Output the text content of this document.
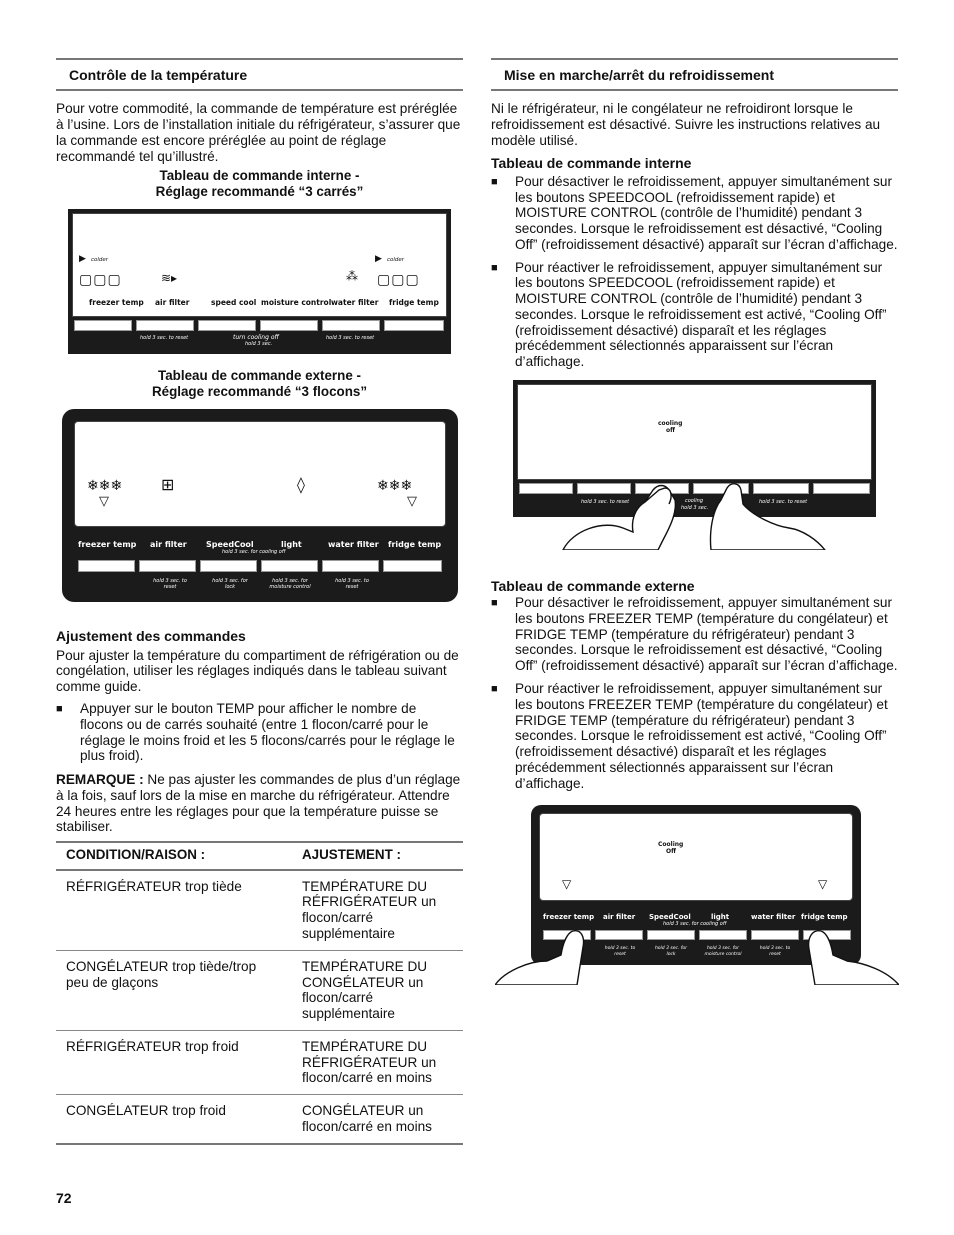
Contrôle de la température

Pour votre commodité, la commande de température est préréglée à l’usine. Lors de l’installation initiale du réfrigérateur, s’assurer que la commande est encore préréglée au point de réglage recommandé tel qu’illustré.

Tableau de commande interne -
Réglage recommandé “3 carrés”
▶ colder	▶ colder
▢▢▢	≋▸	⁂ ▢▢▢
freezer temp air filter	speed cool moisture control water filter fridge temp
hold 3 sec. to reset	turn cooling off
hold 3 sec.
hold 3 sec. to reset
Tableau de commande externe -
Réglage recommandé “3 flocons”
❄❄❄
▽
⊞	◊	❄❄❄
▽
freezer temp air filter SpeedCool	light	water filter fridge temp
hold 3 sec. for cooling off
hold 3 sec. to reset
hold 3 sec. for lock
hold 3 sec. for moisture control
hold 3 sec. to reset
Ajustement des commandes

Pour ajuster la température du compartiment de réfrigération ou de congélation, utiliser les réglages indiqués dans le tableau suivant comme guide.

■	Appuyer sur le bouton TEMP pour afficher le nombre de flocons ou de carrés souhaité (entre 1 flocon/carré pour le réglage le moins froid et les 5 flocons/carrés pour le réglage le plus froid).

REMARQUE : Ne pas ajuster les commandes de plus d’un réglage à la fois, sauf lors de la mise en marche du réfrigérateur. Attendre 24 heures entre les réglages pour que la température puisse se stabiliser.

CONDITION/RAISON :	AJUSTEMENT :
RÉFRIGÉRATEUR trop tiède	TEMPÉRATURE DU RÉFRIGÉRATEUR un flocon/carré supplémentaire
CONGÉLATEUR trop tiède/trop peu de glaçons	TEMPÉRATURE DU CONGÉLATEUR un flocon/carré supplémentaire
RÉFRIGÉRATEUR trop froid	TEMPÉRATURE DU RÉFRIGÉRATEUR un flocon/carré en moins
CONGÉLATEUR trop froid	CONGÉLATEUR un flocon/carré en moins
Mise en marche/arrêt du refroidissement

Ni le réfrigérateur, ni le congélateur ne refroidiront lorsque le refroidissement est désactivé. Suivre les instructions relatives au modèle utilisé.

Tableau de commande interne
■	Pour désactiver le refroidissement, appuyer simultanément sur les boutons SPEEDCOOL (refroidissement rapide) et MOISTURE CONTROL (contrôle de l’humidité) pendant 3 secondes. Lorsque le refroidissement est désactivé, “Cooling Off” (refroidissement désactivé) apparaît sur l’écran d’affichage.
■	Pour réactiver le refroidissement, appuyer simultanément sur les boutons SPEEDCOOL (refroidissement rapide) et MOISTURE CONTROL (contrôle de l’humidité) pendant 3 secondes. Lorsque le refroidissement est activé, “Cooling Off” (refroidissement désactivé) disparaît et les réglages précédemment sélectionnés apparaissent sur l’écran d’affichage.
cooling
off
hold 3 sec. to reset	cooling
hold 3 sec.
hold 3 sec. to reset
Tableau de commande externe
■	Pour désactiver le refroidissement, appuyer simultanément sur les boutons FREEZER TEMP (température du congélateur) et FRIDGE TEMP (température du réfrigérateur) pendant 3 secondes. Lorsque le refroidissement est désactivé, “Cooling Off” (refroidissement désactivé) apparaît sur l’écran d’affichage.
■	Pour réactiver le refroidissement, appuyer simultanément sur les boutons FREEZER TEMP (température du congélateur) et FRIDGE TEMP (température du réfrigérateur) pendant 3 secondes. Lorsque le refroidissement est activé, “Cooling Off” (refroidissement désactivé) disparaît et les réglages précédemment sélectionnés apparaissent sur l’écran d’affichage.
Cooling
Off
▽	▽
freezer temp air filter SpeedCool	light	water filter fridge temp
hold 3 sec. for cooling off
hold 3 sec. to reset
hold 3 sec. for lock
hold 3 sec. for moisture control
hold 3 sec. to reset
72
